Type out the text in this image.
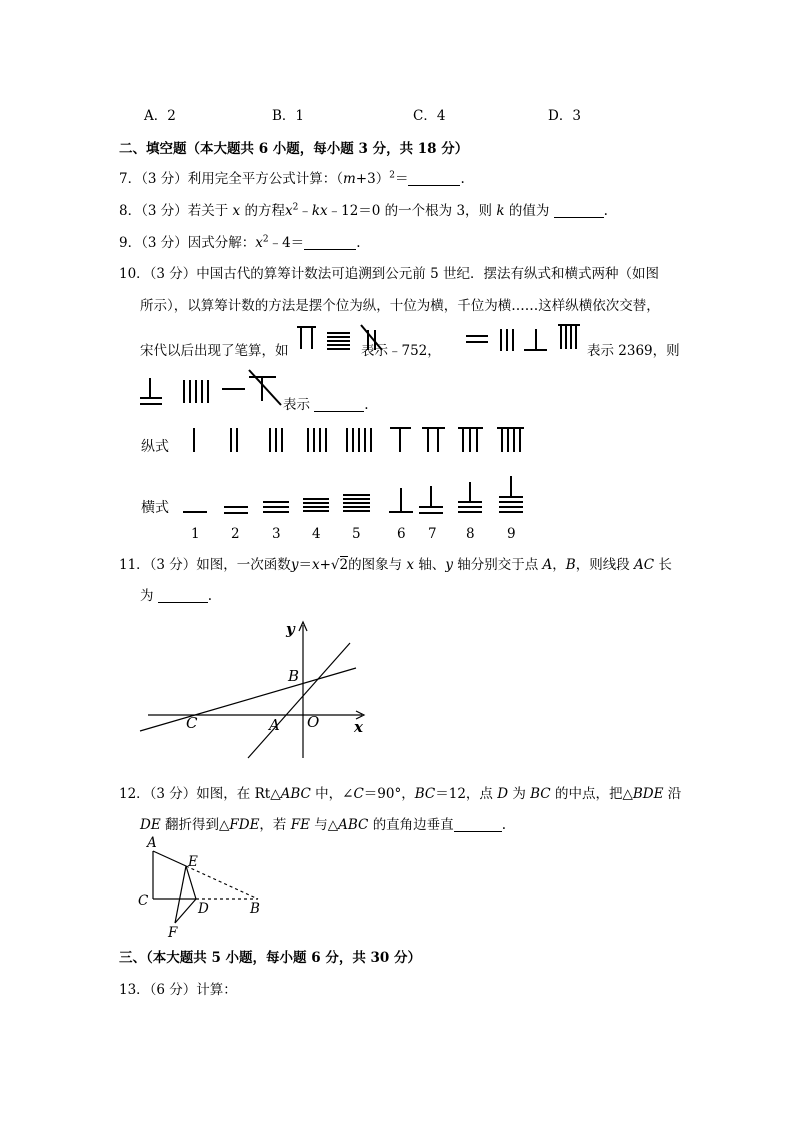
A．2	B．1	C．4	D．3
二、填空题（本大题共 6 小题，每小题 3 分，共 18 分）
7．（3 分）利用完全平方公式计算：$(m+3)^2=$	.
8．（3 分）若关于 x 的方程$x^2﹣kx﹣12=0$ 的一个根为 3，则 k 的值为	.
9．（3 分）因式分解：$x^2﹣4=$	.
10．（3 分）中国古代的算筹计数法可追溯到公元前 5 世纪．摆法有纵式和横式两种（如图
所示），以算筹计数的方法是摆个位为纵，十位为横，千位为横……这样纵横依次交替，
宋代以后出现了笔算，如	表示﹣752，	表示 2369，则
表示	.
纵式
横式
1 2 3 4 5	6 7 8 9
11．（3 分）如图，一次函数y＝x+√2的图象与 x 轴、y 轴分别交于点 A，B，则线段 AC 长
为	.
y
x
B
C	A O
12．（3 分）如图，在 Rt△ABC 中，∠C＝90°，BC＝12，点 D 为 BC 的中点，把△BDE 沿
DE 翻折得到△FDE，若 FE 与△ABC 的直角边垂直	.
A
E
C	D	B
F
三、（本大题共 5 小题，每小题 6 分，共 30 分）
13．（6 分）计算：
